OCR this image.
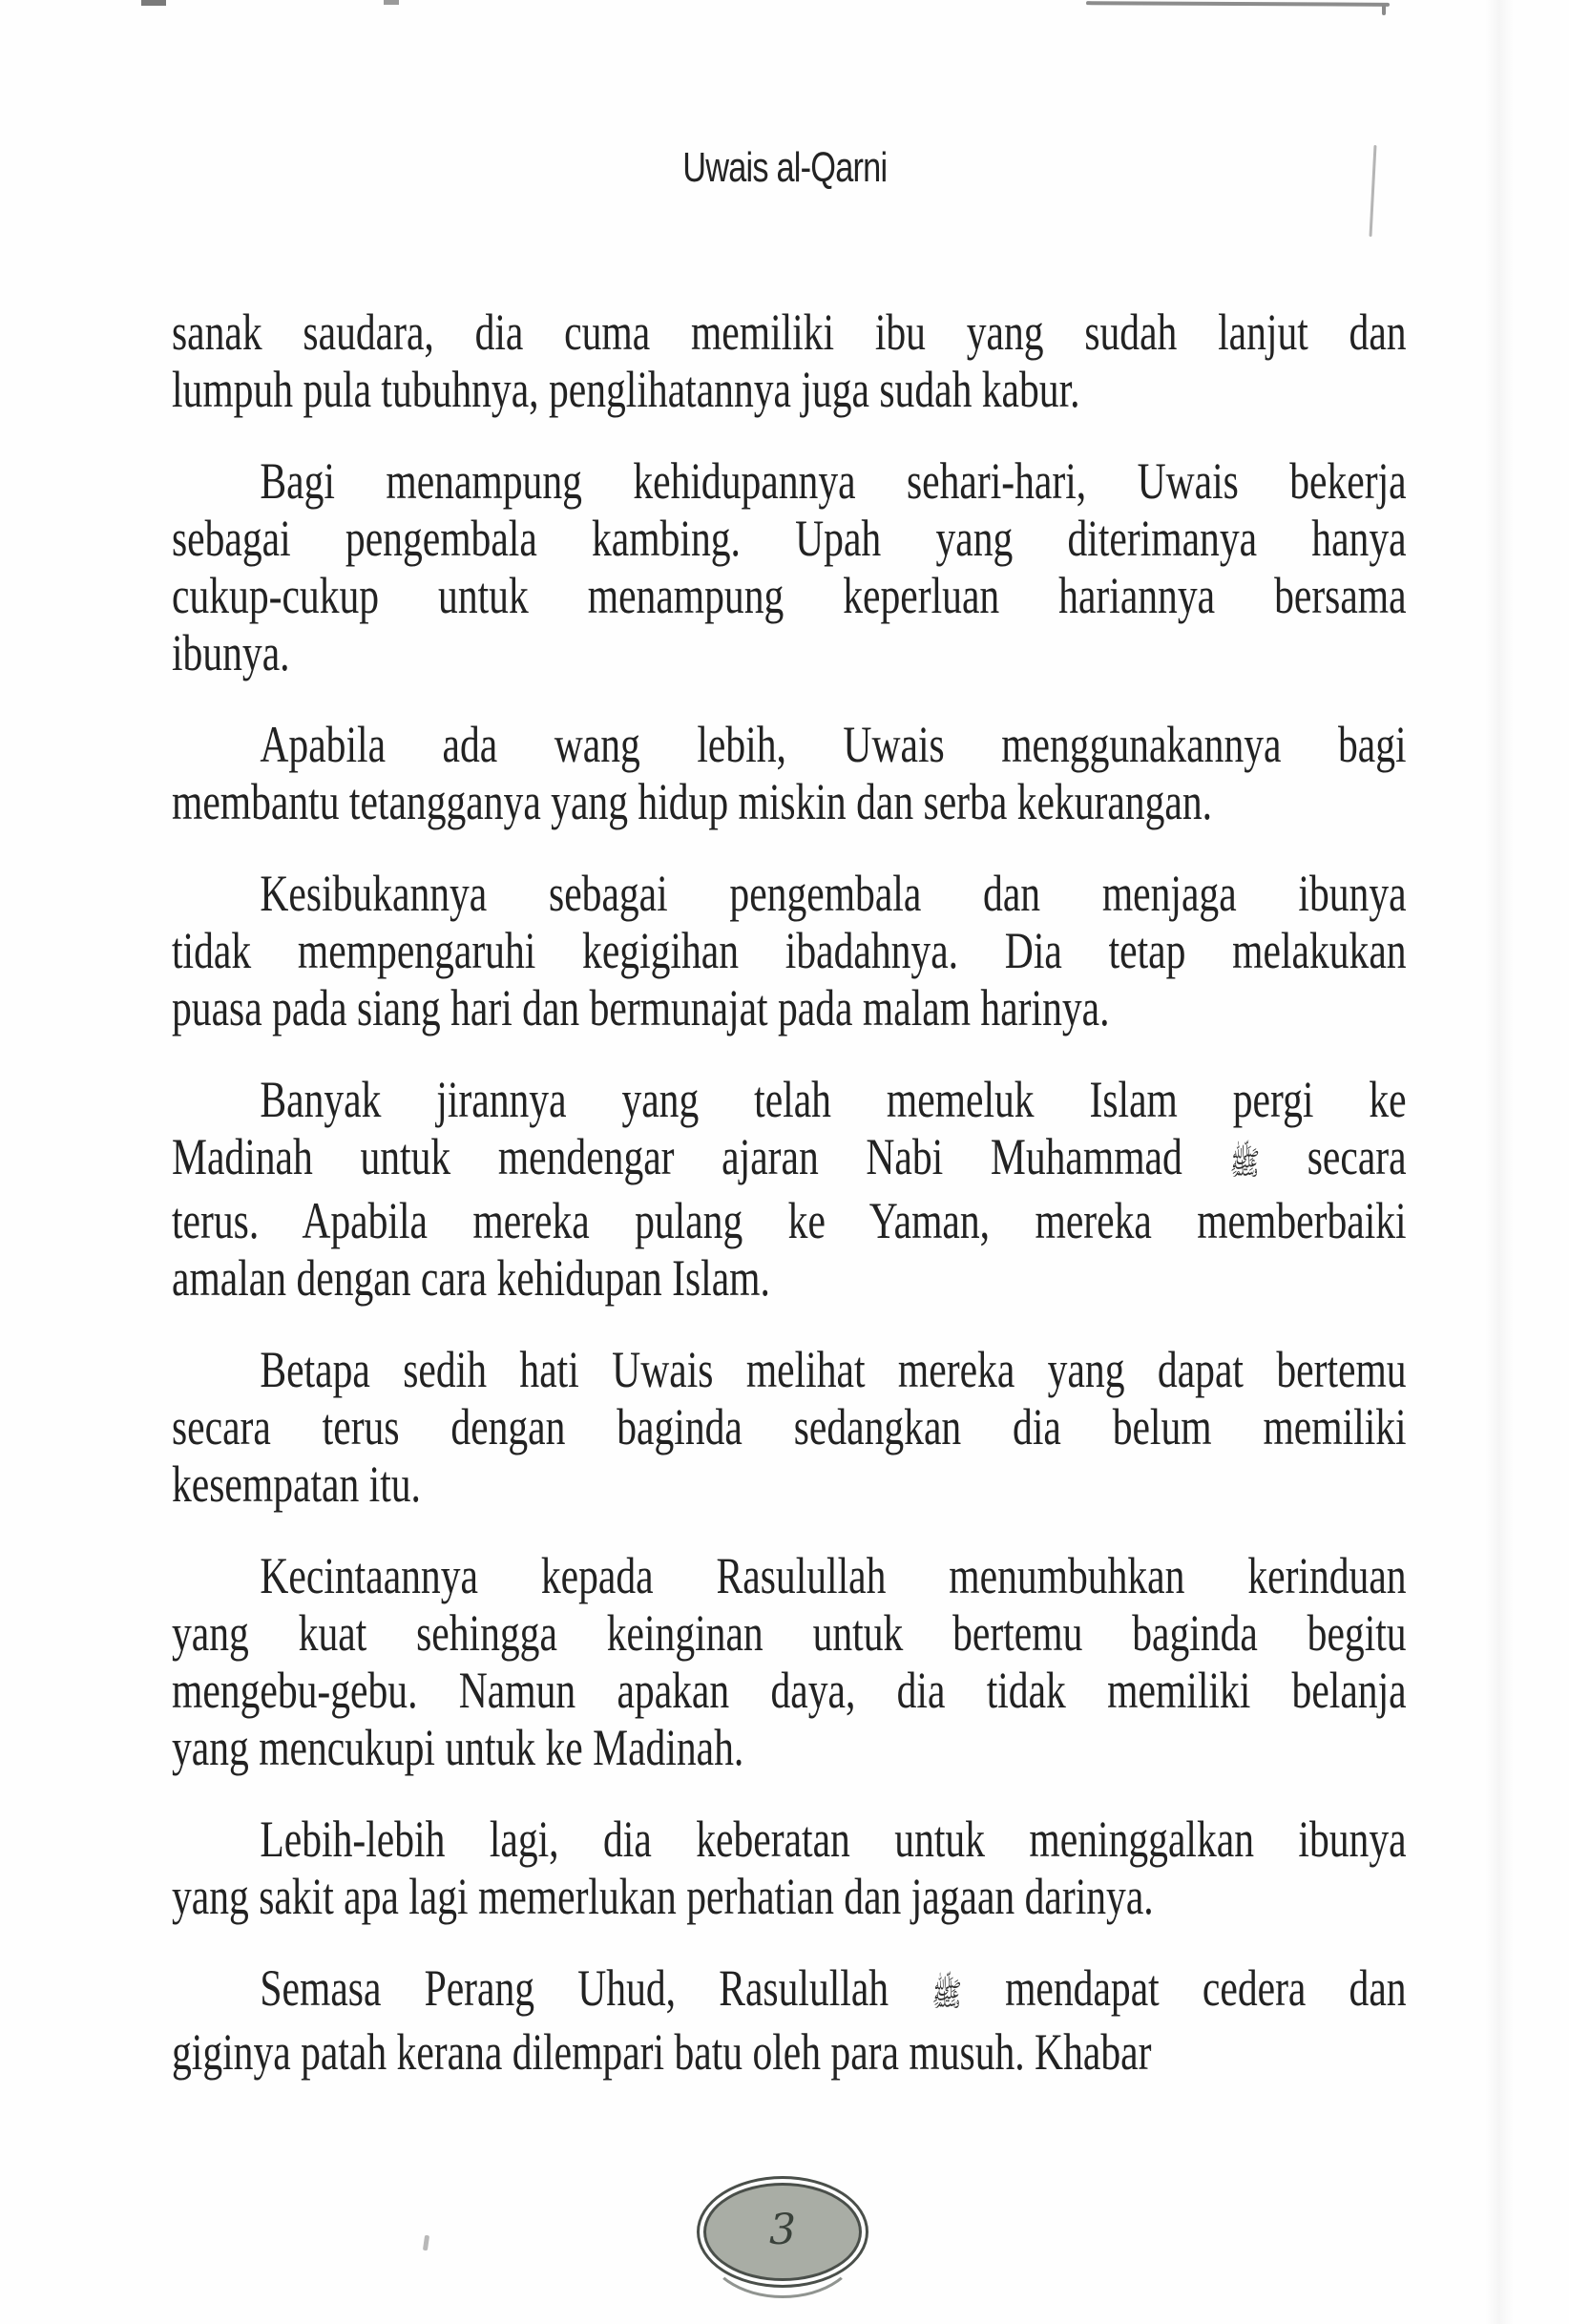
Uwais al-Qarni

sanak saudara, dia cuma memiliki ibu yang sudah lanjut dan
lumpuh pula tubuhnya, penglihatannya juga sudah kabur.

Bagi menampung kehidupannya sehari-hari, Uwais bekerja
sebagai pengembala kambing. Upah yang diterimanya hanya
cukup-cukup untuk menampung keperluan hariannya bersama
ibunya.

Apabila ada wang lebih, Uwais menggunakannya bagi
membantu tetangganya yang hidup miskin dan serba kekurangan.

Kesibukannya sebagai pengembala dan menjaga ibunya
tidak mempengaruhi kegigihan ibadahnya. Dia tetap melakukan
puasa pada siang hari dan bermunajat pada malam harinya.

Banyak jirannya yang telah memeluk Islam pergi ke
Madinah untuk mendengar ajaran Nabi Muhammad ﷺ secara
terus. Apabila mereka pulang ke Yaman, mereka memberbaiki
amalan dengan cara kehidupan Islam.

Betapa sedih hati Uwais melihat mereka yang dapat bertemu
secara terus dengan baginda sedangkan dia belum memiliki
kesempatan itu.

Kecintaannya kepada Rasulullah menumbuhkan kerinduan
yang kuat sehingga keinginan untuk bertemu baginda begitu
mengebu-gebu. Namun apakan daya, dia tidak memiliki belanja
yang mencukupi untuk ke Madinah.

Lebih-lebih lagi, dia keberatan untuk meninggalkan ibunya
yang sakit apa lagi memerlukan perhatian dan jagaan darinya.

Semasa Perang Uhud, Rasulullah ﷺ mendapat cedera dan
giginya patah kerana dilempari batu oleh para musuh. Khabar

3
